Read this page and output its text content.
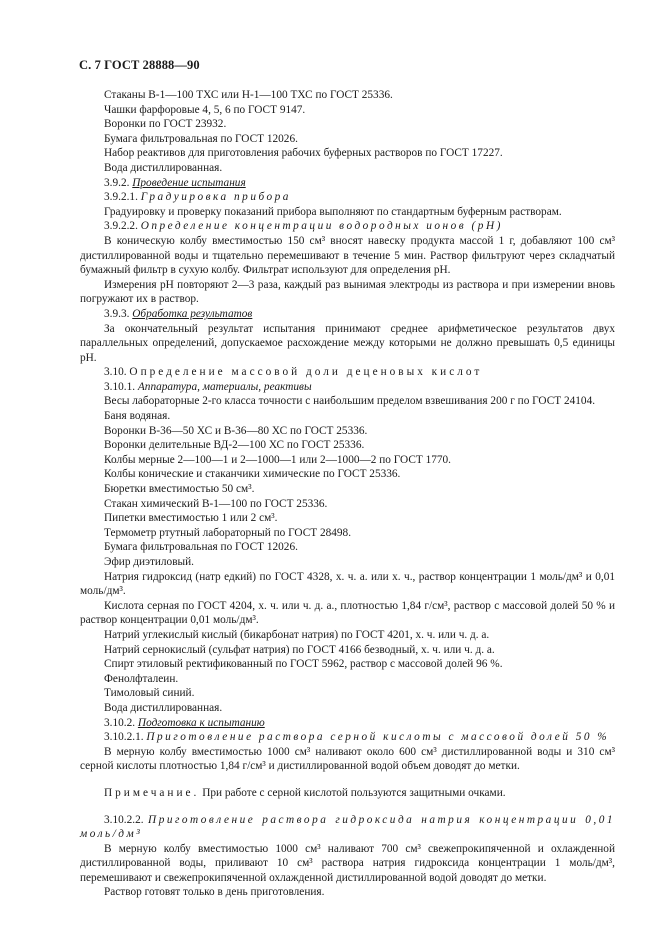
С. 7 ГОСТ 28888—90

Стаканы В-1—100 ТХС или Н-1—100 ТХС по ГОСТ 25336.

Чашки фарфоровые 4, 5, 6 по ГОСТ 9147.

Воронки по ГОСТ 23932.

Бумага фильтровальная по ГОСТ 12026.

Набор реактивов для приготовления рабочих буферных растворов по ГОСТ 17227.

Вода дистиллированная.

3.9.2. Проведение испытания

3.9.2.1. Градуировка прибора

Градуировку и проверку показаний прибора выполняют по стандартным буферным растворам.

3.9.2.2. Определение концентрации водородных ионов (рН)

В коническую колбу вместимостью 150 см³ вносят навеску продукта массой 1 г, добавляют 100 см³ дистиллированной воды и тщательно перемешивают в течение 5 мин. Раствор фильтруют через складчатый бумажный фильтр в сухую колбу. Фильтрат используют для определения рН.

Измерения рН повторяют 2—3 раза, каждый раз вынимая электроды из раствора и при измерении вновь погружают их в раствор.

3.9.3. Обработка результатов

За окончательный результат испытания принимают среднее арифметическое результатов двух параллельных определений, допускаемое расхождение между которыми не должно превышать 0,5 единицы рН.

3.10. Определение массовой доли деценовых кислот

3.10.1. Аппаратура, материалы, реактивы

Весы лабораторные 2-го класса точности с наибольшим пределом взвешивания 200 г по ГОСТ 24104.

Баня водяная.

Воронки В-36—50 ХС и В-36—80 ХС по ГОСТ 25336.

Воронки делительные ВД-2—100 ХС по ГОСТ 25336.

Колбы мерные 2—100—1 и 2—1000—1 или 2—1000—2 по ГОСТ 1770.

Колбы конические и стаканчики химические по ГОСТ 25336.

Бюретки вместимостью 50 см³.

Стакан химический В-1—100 по ГОСТ 25336.

Пипетки вместимостью 1 или 2 см³.

Термометр ртутный лабораторный по ГОСТ 28498.

Бумага фильтровальная по ГОСТ 12026.

Эфир диэтиловый.

Натрия гидроксид (натр едкий) по ГОСТ 4328, х. ч. а. или х. ч., раствор концентрации 1 моль/дм³ и 0,01 моль/дм³.

Кислота серная по ГОСТ 4204, х. ч. или ч. д. а., плотностью 1,84 г/см³, раствор с массовой долей 50 % и раствор концентрации 0,01 моль/дм³.

Натрий углекислый кислый (бикарбонат натрия) по ГОСТ 4201, х. ч. или ч. д. а.

Натрий сернокислый (сульфат натрия) по ГОСТ 4166 безводный, х. ч. или ч. д. а.

Спирт этиловый ректификованный по ГОСТ 5962, раствор с массовой долей 96 %.

Фенолфталеин.

Тимоловый синий.

Вода дистиллированная.

3.10.2. Подготовка к испытанию

3.10.2.1. Приготовление раствора серной кислоты с массовой долей 50 %

В мерную колбу вместимостью 1000 см³ наливают около 600 см³ дистиллированной воды и 310 см³ серной кислоты плотностью 1,84 г/см³ и дистиллированной водой объем доводят до метки.

Примечание. При работе с серной кислотой пользуются защитными очками.

3.10.2.2. Приготовление раствора гидроксида натрия концентрации 0,01 моль/дм³

В мерную колбу вместимостью 1000 см³ наливают 700 см³ свежепрокипяченной и охлажденной дистиллированной воды, приливают 10 см³ раствора натрия гидроксида концентрации 1 моль/дм³, перемешивают и свежепрокипяченной охлажденной дистиллированной водой доводят до метки.

Раствор готовят только в день приготовления.
